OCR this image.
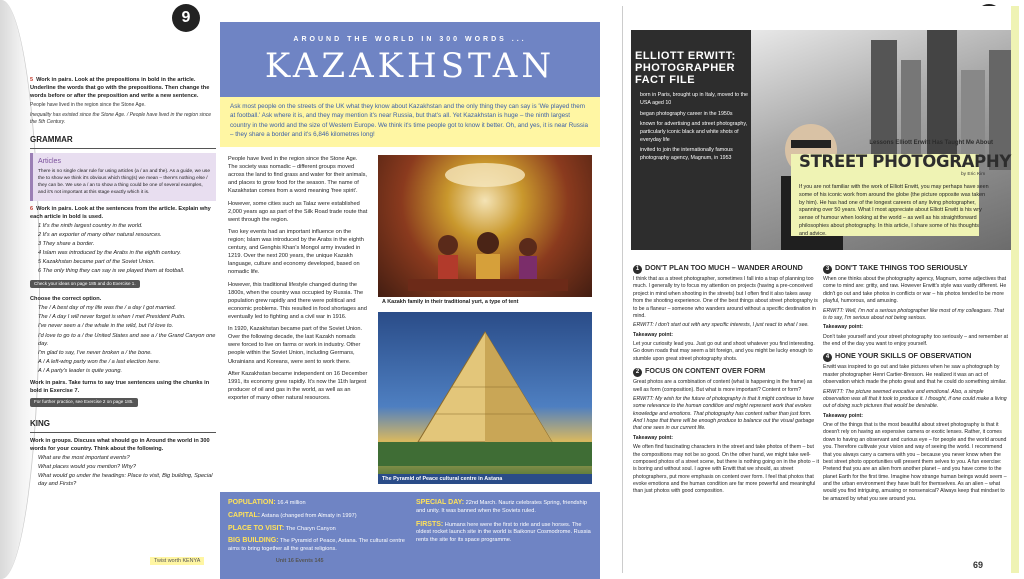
9
5 Work in pairs. Look at the prepositions in bold in the article. Underline the words that go with the prepositions. Then change the words before or after the preposition and write a new sentence.
People have lived in the region since the Stone Age.
Inequality has existed since the Stone Age. / People have lived in the region since the 5th Century.
GRAMMAR
Articles
There is no single clear rule for using articles (a / an and the). As a guide, we use the to show we think it's obvious which thing(s) we mean – there's nothing else / they can be. We use a / an to show a thing could be one of several examples, and it's not important at this stage exactly which it is.
6 Work in pairs. Look at the sentences from the article. Explain why each article in bold is used.
1 It's the ninth largest country in the world.
2 It's an exporter of many other natural resources.
3 They share a border.
4 Islam was introduced by the Arabs in the eighth century.
5 Kazakhstan became part of the Soviet Union.
6 The only thing they can say is we played them at football.
Check your ideas on page 185 and do Exercise 1.
Choose the correct option.
The / A best day of my life was the / a day I got married.
The / A day I will never forget is when I met President Putin.
I've never seen a / the whale in the wild, but I'd love to.
I'd love to go to a / the United States and see a / the Grand Canyon one day.
I'm glad to say, I've never broken a / the bone.
A / A left-wing party won the / a last election here.
A / A party's leader is quite young.
Work in pairs. Take turns to say true sentences using the chunks in bold in Exercise 7.
For further practice, see Exercise 2 on page 185.
KING
Work in groups. Discuss what should go in Around the world in 300 words for your country. Think about the following.
What are the most important events?
What places would you mention? Why?
What would go under the headings: Place to visit, Big building, Special day and Firsts?
AROUND THE WORLD IN 300 WORDS ...
KAZAKHSTAN
Ask most people on the streets of the UK what they know about Kazakhstan and the only thing they can say is 'We played them at football.' Ask where it is, and they may mention it's near Russia, but that's all. Yet Kazakhstan is huge – the ninth largest country in the world and the size of Western Europe. We think it's time people got to know it better. Oh, and yes, it is near Russia – they share a border and it's 6,846 kilometres long!

People have lived in the region since the Stone Age. The society was nomadic – different groups moved across the land to find grass and water for their animals, and places to grow food for the season. The name of Kazakhstan comes from a word meaning 'free spirit'.

However, some cities such as Talaz were established 2,000 years ago as part of the Silk Road trade route that went through the region.

Two key events had an important influence on the region; Islam was introduced by the Arabs in the eighth century, and Genghis Khan's Mongol army invaded in 1219. Over the next 200 years, the unique Kazakh language, culture and economy developed, based on nomadic life.

However, this traditional lifestyle changed during the 1800s, when the country was occupied by Russia. The population grew rapidly and there were political and economic problems. This resulted in food shortages and eventually led to fighting and a civil war in 1916.

In 1920, Kazakhstan became part of the Soviet Union. Over the following decade, the last Kazakh nomads were forced to live on farms or work in industry. Other people within the Soviet Union, including Germans, Ukrainians and Koreans, were sent to work there.

After Kazakhstan became independent on 16 December 1991, its economy grew rapidly. It's now the 11th largest producer of oil and gas in the world, as well as an exporter of many other natural resources.

A Kazakh family in their traditional yurt, a type of tent
The Pyramid of Peace cultural centre in Astana
POPULATION: 16.4 million
CAPITAL: Astana (changed from Almaty in 1997)
PLACE TO VISIT: The Charyn Canyon
BIG BUILDING: The Pyramid of Peace, Astana. The cultural centre aims to bring together all the great religions.
SPECIAL DAY: 22nd March. Nauriz celebrates Spring, friendship and unity. It was banned when the Soviets ruled.
FIRSTS: Humans here were the first to ride and use horses. The oldest rocket launch site in the world is Baikonur Cosmodrome. Russia rents the site for its space programme.
Twist worth KENYA	Unit 16 Events 145
ELLIOTT ERWITT: PHOTOGRAPHER FACT FILE
born in Paris, brought up in Italy, moved to the USA aged 10
began photography career in the 1950s
known for advertising and street photography, particularly iconic black and white shots of everyday life
invited to join the internationally famous photography agency, Magnum, in 1953
Lessons Elliott Erwitt Has Taught Me About
STREET PHOTOGRAPHY
by Eric Kim
If you are not familiar with the work of Elliott Erwitt, you may perhaps have seen some of his iconic work from around the globe (the picture opposite was taken by him). He has had one of the longest careers of any living photographer, spanning over 50 years. What I most appreciate about Elliott Erwitt is his wry sense of humour when looking at the world – as well as his straightforward philosophies about photography. In this article, I share some of his thoughts and advice.
1 DON'T PLAN TOO MUCH – WANDER AROUND

I think that as a street photographer, sometimes I fall into a trap of planning too much. I generally try to focus my attention on projects (having a pre-conceived project in mind when shooting in the streets) but I often find it also takes away from the shooting experience. One of the best things about street photography is to be a flaneur – someone who wanders around without a specific destination in mind.

ERWITT: I don't start out with any specific interests, I just react to what I see.

Takeaway point:

Let your curiosity lead you. Just go out and shoot whatever you find interesting. Go down roads that may seem a bit foreign, and you might be lucky enough to stumble upon great street photography shots.

2 FOCUS ON CONTENT OVER FORM

Great photos are a combination of content (what is happening in the frame) as well as form (composition). But what is more important? Content or form?

ERWITT: My wish for the future of photography is that it might continue to have some relevance to the human condition and might represent work that evokes knowledge and emotions. That photography has content rather than just form. And I hope that there will be enough produce to balance out the visual garbage that one sees in our current life.

Takeaway point:

We often find fascinating characters in the street and take photos of them – but the compositions may not be so good. On the other hand, we might take well-composed photos of a street scene, but there is nothing going on in the photo – it is boring and without soul. I agree with Erwitt that we should, as street photographers, put more emphasis on content over form. I feel that photos that evoke emotions and the human condition are far more powerful and meaningful than just photos with good composition.

3 DON'T TAKE THINGS TOO SERIOUSLY

When one thinks about the photography agency, Magnum, some adjectives that come to mind are: gritty, and raw. However Erwitt's style was vastly different. He didn't go out and take photos in conflicts or war – his photos tended to be more playful, humorous, and amusing.

ERWITT: Well, I'm not a serious photographer like most of my colleagues. That is to say, I'm serious about not being serious.

Takeaway point:

Don't take yourself and your street photography too seriously – and remember at the end of the day you want to enjoy yourself.

4 HONE YOUR SKILLS OF OBSERVATION

Erwitt was inspired to go out and take pictures when he saw a photograph by master photographer Henri Cartier-Bresson. He realized it was an act of observation which made the photo great and that he could do something similar.

ERWITT: The picture seemed evocative and emotional. Also, a simple observation was all that it took to produce it. I thought, if one could make a living out of doing such pictures that would be desirable.

Takeaway point:

One of the things that is the most beautiful about street photography is that it doesn't rely on having an expensive camera or exotic lenses. Rather, it comes down to having an observant and curious eye – for people and the world around you. Therefore cultivate your vision and way of seeing the world. I recommend that you always carry a camera with you – because you never know when the best street photo opportunities will present them selves to you. A fun exercise: Pretend that you are an alien from another planet – and you have come to the planet Earth for the first time. Imagine how strange human beings would seem – and the urban environment they have built for themselves. As an alien – what would you find intriguing, amusing or nonsensical? Always keep that mindset to be amazed by what you see around you.

69
